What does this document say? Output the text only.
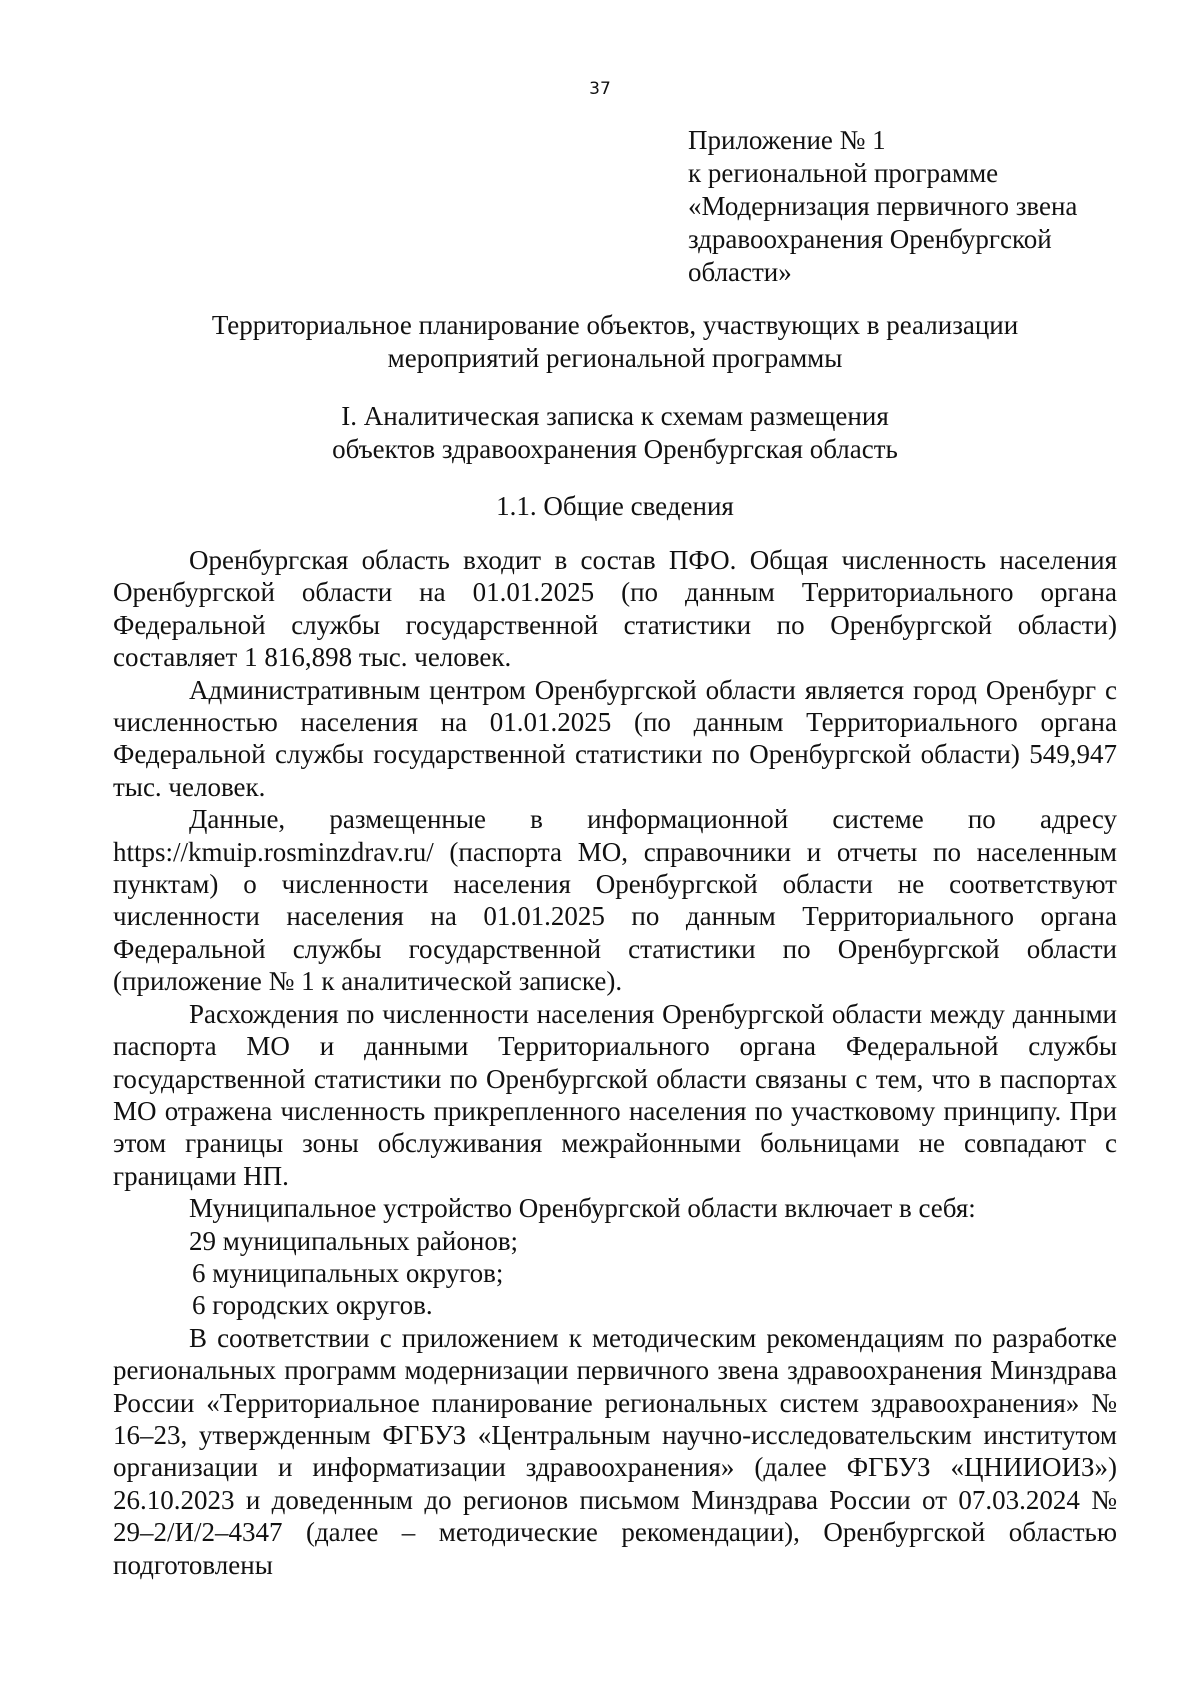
37
Приложение № 1
к региональной программе
«Модернизация первичного звена
здравоохранения Оренбургской
области»
Территориальное планирование объектов, участвующих в реализации
мероприятий региональной программы
I. Аналитическая записка к схемам размещения
объектов здравоохранения Оренбургская область
1.1. Общие сведения

Оренбургская область входит в состав ПФО. Общая численность населения Оренбургской области на 01.01.2025 (по данным Территориального органа Федеральной службы государственной статистики по Оренбургской области) составляет 1 816,898 тыс. человек.

Административным центром Оренбургской области является город Оренбург с численностью населения на 01.01.2025 (по данным Территориального органа Федеральной службы государственной статистики по Оренбургской области) 549,947 тыс. человек.

Данные, размещенные в информационной системе по адресу https://kmuip.rosminzdrav.ru/ (паспорта МО, справочники и отчеты по населенным пунктам) о численности населения Оренбургской области не соответствуют численности населения на 01.01.2025 по данным Территориального органа Федеральной службы государственной статистики по Оренбургской области (приложение № 1 к аналитической записке).

Расхождения по численности населения Оренбургской области между данными паспорта МО и данными Территориального органа Федеральной службы государственной статистики по Оренбургской области связаны с тем, что в паспортах МО отражена численность прикрепленного населения по участковому принципу. При этом границы зоны обслуживания межрайонными больницами не совпадают с границами НП.

Муниципальное устройство Оренбургской области включает в себя:

29 муниципальных районов;

6 муниципальных округов;

6 городских округов.

В соответствии с приложением к методическим рекомендациям по разработке региональных программ модернизации первичного звена здравоохранения Минздрава России «Территориальное планирование региональных систем здравоохранения» № 16–23, утвержденным ФГБУЗ «Центральным научно-исследовательским институтом организации и информатизации здравоохранения» (далее ФГБУЗ «ЦНИИОИЗ») 26.10.2023 и доведенным до регионов письмом Минздрава России от 07.03.2024 № 29–2/И/2–4347 (далее – методические рекомендации), Оренбургской областью подготовлены
